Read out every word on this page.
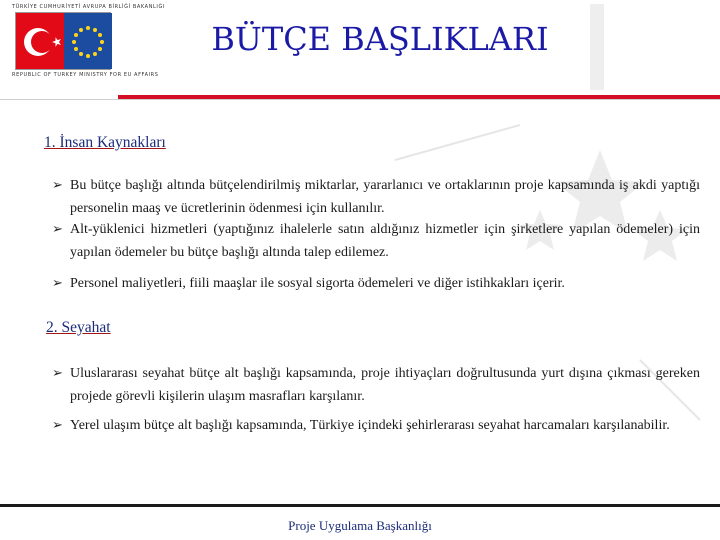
TÜRKİYE CUMHURİYETİ AVRUPA BİRLİĞİ BAKANLIĞI
REPUBLIC OF TURKEY MINISTRY FOR EU AFFAIRS
BÜTÇE BAŞLIKLARI
1. İnsan Kaynakları
➢ Bu bütçe başlığı altında bütçelendirilmiş miktarlar, yararlanıcı ve ortaklarının proje kapsamında iş akdi yaptığı personelin maaş ve ücretlerinin ödenmesi için kullanılır.
➢ Alt-yüklenici hizmetleri (yaptığınız ihalelerle satın aldığınız hizmetler için şirketlere yapılan ödemeler) için yapılan ödemeler bu bütçe başlığı altında talep edilemez.
➢ Personel maliyetleri, fiili maaşlar ile sosyal sigorta ödemeleri ve diğer istihkakları içerir.
2. Seyahat
➢ Uluslararası seyahat bütçe alt başlığı kapsamında, proje ihtiyaçları doğrultusunda yurt dışına çıkması gereken projede görevli kişilerin ulaşım masrafları karşılanır.
➢ Yerel ulaşım bütçe alt başlığı kapsamında, Türkiye içindeki şehirlerarası seyahat harcamaları karşılanabilir.
Proje Uygulama Başkanlığı
